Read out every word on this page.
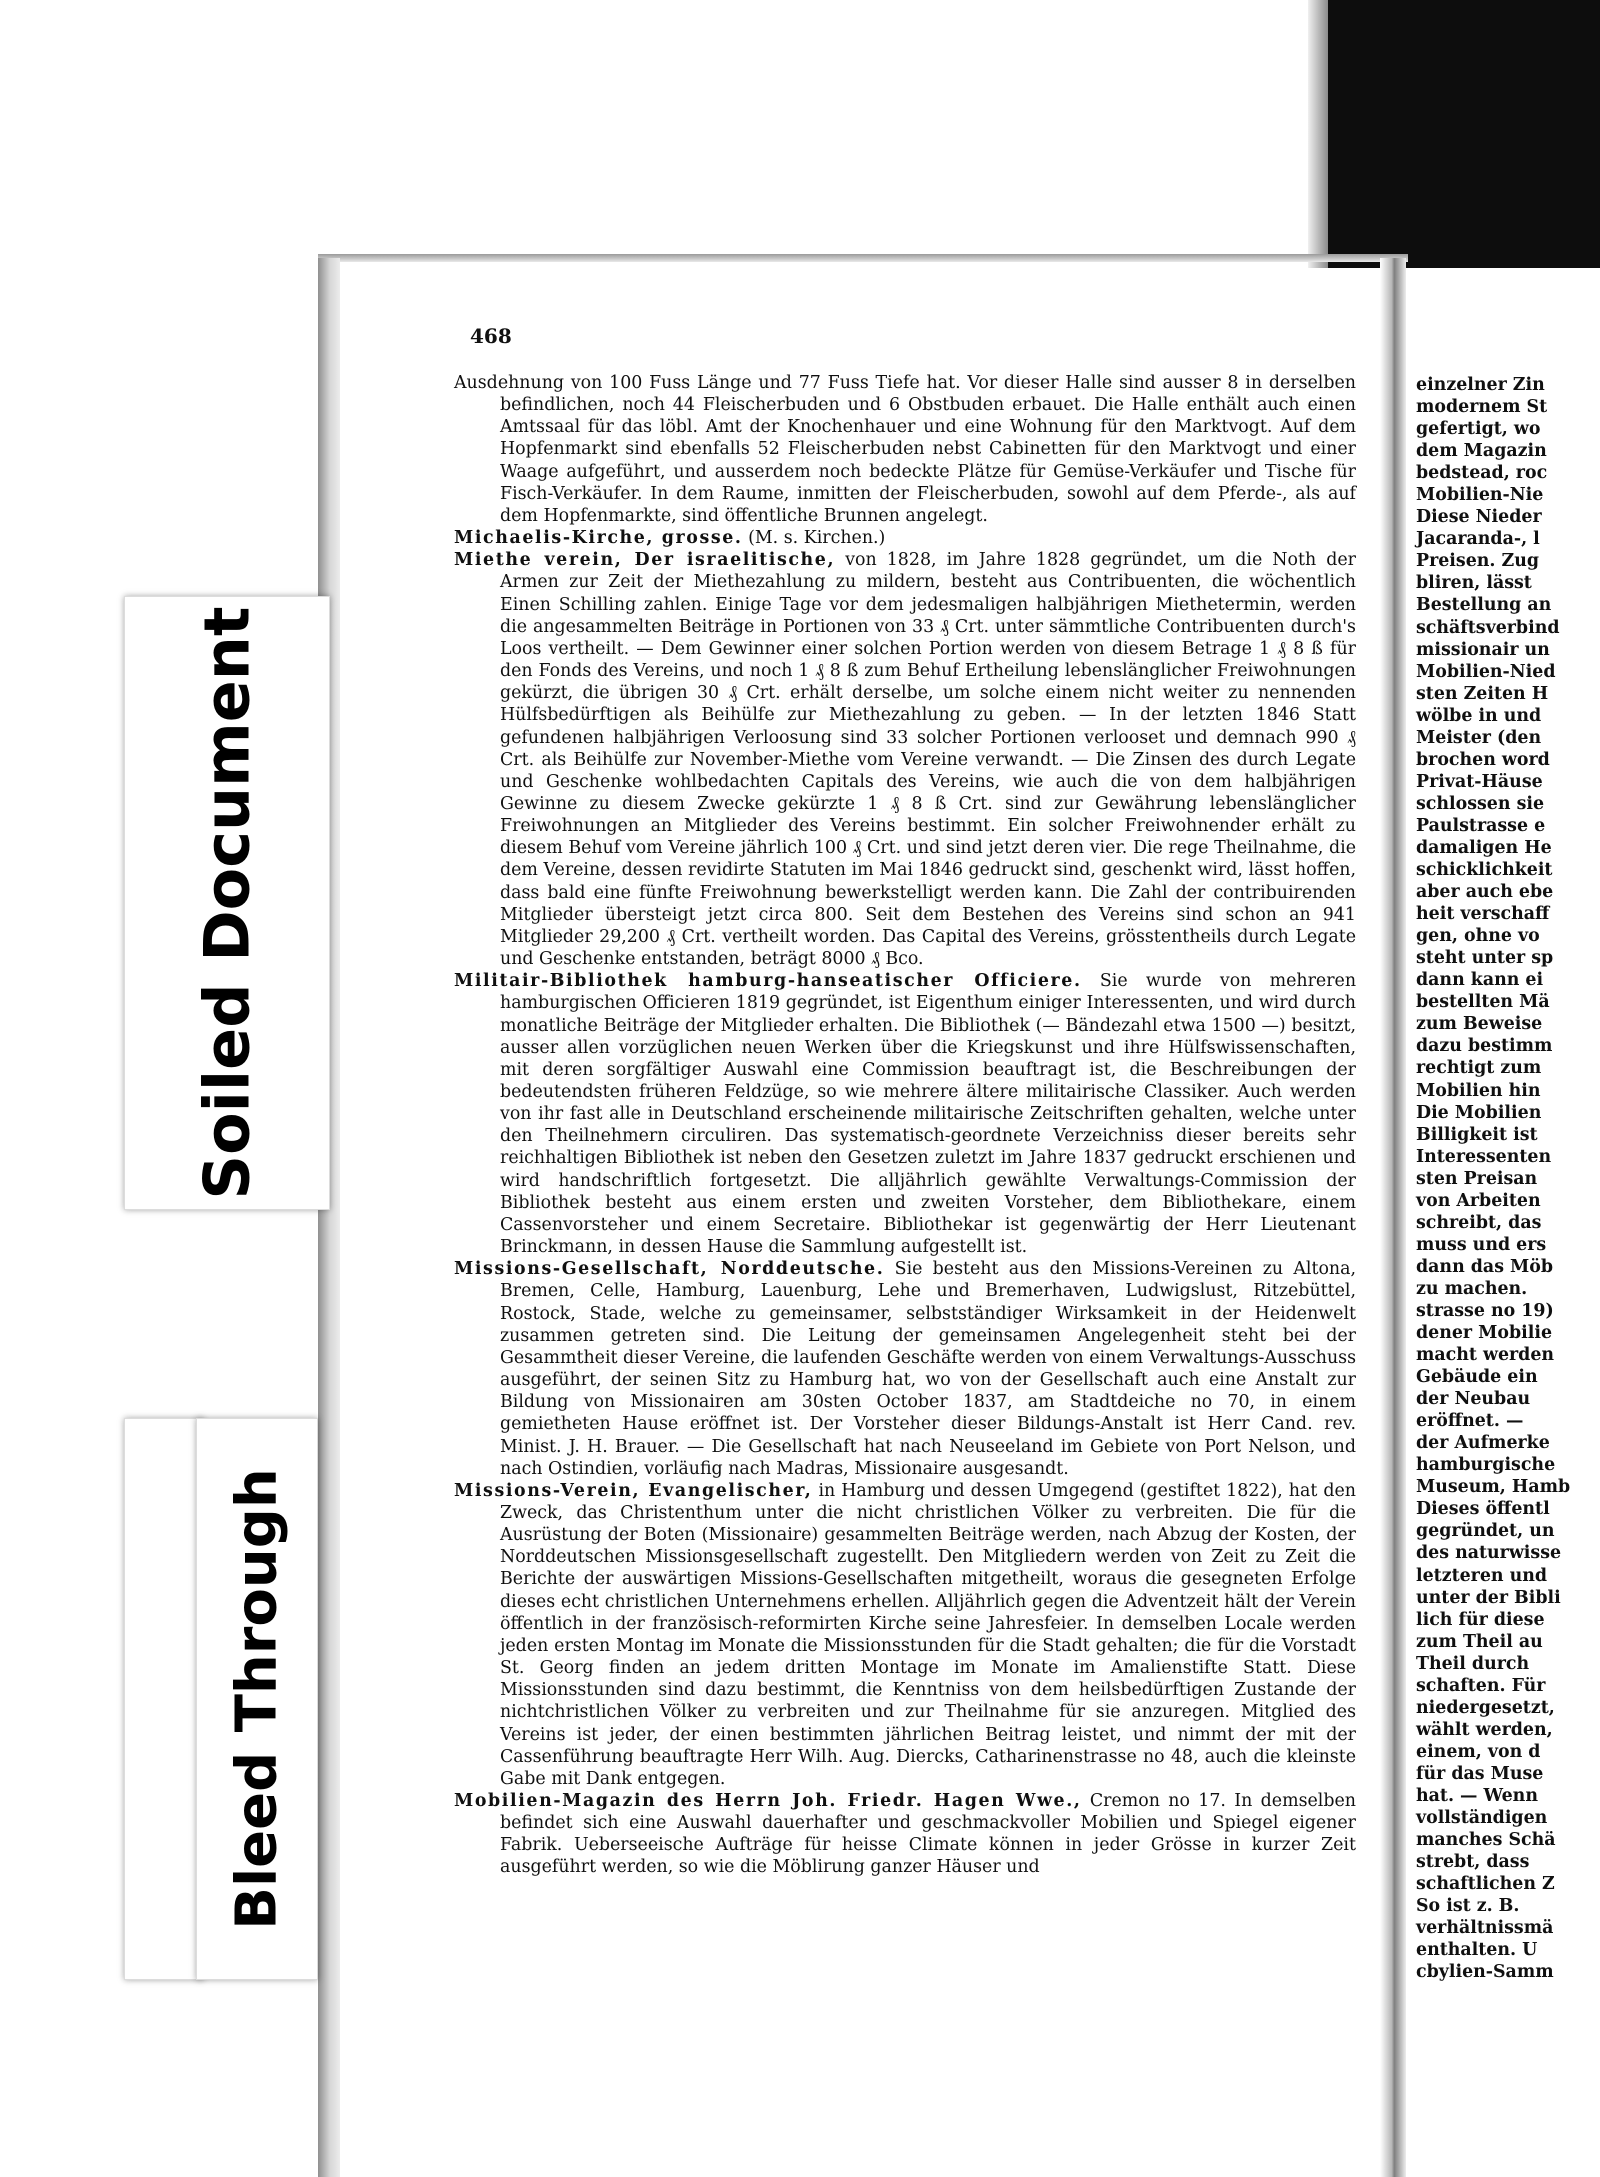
468

Ausdehnung von 100 Fuss Länge und 77 Fuss Tiefe hat. Vor dieser Halle sind ausser 8 in derselben befindlichen, noch 44 Fleischerbuden und 6 Obstbuden erbauet. Die Halle enthält auch einen Amtssaal für das löbl. Amt der Knochenhauer und eine Wohnung für den Marktvogt. Auf dem Hopfenmarkt sind ebenfalls 52 Fleischerbuden nebst Cabinetten für den Marktvogt und einer Waage aufgeführt, und ausserdem noch bedeckte Plätze für Gemüse-Verkäufer und Tische für Fisch-Verkäufer. In dem Raume, inmitten der Fleischerbuden, sowohl auf dem Pferde-, als auf dem Hopfenmarkte, sind öffentliche Brunnen angelegt.

Michaelis-Kirche, grosse. (M. s. Kirchen.)

Miethe verein, Der israelitische, von 1828, im Jahre 1828 gegründet, um die Noth der Armen zur Zeit der Miethezahlung zu mildern, besteht aus Contribuenten, die wöchentlich Einen Schilling zahlen. Einige Tage vor dem jedesmaligen halbjährigen Miethetermin, werden die angesammelten Beiträge in Portionen von 33 ₰ Crt. unter sämmtliche Contribuenten durch's Loos vertheilt. — Dem Gewinner einer solchen Portion werden von diesem Betrage 1 ₰ 8 ß für den Fonds des Vereins, und noch 1 ₰ 8 ß zum Behuf Ertheilung lebenslänglicher Freiwohnungen gekürzt, die übrigen 30 ₰ Crt. erhält derselbe, um solche einem nicht weiter zu nennenden Hülfsbedürftigen als Beihülfe zur Miethezahlung zu geben. — In der letzten 1846 Statt gefundenen halbjährigen Verloosung sind 33 solcher Portionen verlooset und demnach 990 ₰ Crt. als Beihülfe zur November-Miethe vom Vereine verwandt. — Die Zinsen des durch Legate und Geschenke wohlbedachten Capitals des Vereins, wie auch die von dem halbjährigen Gewinne zu diesem Zwecke gekürzte 1 ₰ 8 ß Crt. sind zur Gewährung lebenslänglicher Freiwohnungen an Mitglieder des Vereins bestimmt. Ein solcher Freiwohnender erhält zu diesem Behuf vom Vereine jährlich 100 ₰ Crt. und sind jetzt deren vier. Die rege Theilnahme, die dem Vereine, dessen revidirte Statuten im Mai 1846 gedruckt sind, geschenkt wird, lässt hoffen, dass bald eine fünfte Freiwohnung bewerkstelligt werden kann. Die Zahl der contribuirenden Mitglieder übersteigt jetzt circa 800. Seit dem Bestehen des Vereins sind schon an 941 Mitglieder 29,200 ₰ Crt. vertheilt worden. Das Capital des Vereins, grösstentheils durch Legate und Geschenke entstanden, beträgt 8000 ₰ Bco.

Militair-Bibliothek hamburg-hanseatischer Officiere. Sie wurde von mehreren hamburgischen Officieren 1819 gegründet, ist Eigenthum einiger Interessenten, und wird durch monatliche Beiträge der Mitglieder erhalten. Die Bibliothek (— Bändezahl etwa 1500 —) besitzt, ausser allen vorzüglichen neuen Werken über die Kriegskunst und ihre Hülfswissenschaften, mit deren sorgfältiger Auswahl eine Commission beauftragt ist, die Beschreibungen der bedeutendsten früheren Feldzüge, so wie mehrere ältere militairische Classiker. Auch werden von ihr fast alle in Deutschland erscheinende militairische Zeitschriften gehalten, welche unter den Theilnehmern circuliren. Das systematisch-geordnete Verzeichniss dieser bereits sehr reichhaltigen Bibliothek ist neben den Gesetzen zuletzt im Jahre 1837 gedruckt erschienen und wird handschriftlich fortgesetzt. Die alljährlich gewählte Verwaltungs-Commission der Bibliothek besteht aus einem ersten und zweiten Vorsteher, dem Bibliothekare, einem Cassenvorsteher und einem Secretaire. Bibliothekar ist gegenwärtig der Herr Lieutenant Brinckmann, in dessen Hause die Sammlung aufgestellt ist.

Missions-Gesellschaft, Norddeutsche. Sie besteht aus den Missions-Vereinen zu Altona, Bremen, Celle, Hamburg, Lauenburg, Lehe und Bremerhaven, Ludwigslust, Ritzebüttel, Rostock, Stade, welche zu gemeinsamer, selbstständiger Wirksamkeit in der Heidenwelt zusammen getreten sind. Die Leitung der gemeinsamen Angelegenheit steht bei der Gesammtheit dieser Vereine, die laufenden Geschäfte werden von einem Verwaltungs-Ausschuss ausgeführt, der seinen Sitz zu Hamburg hat, wo von der Gesellschaft auch eine Anstalt zur Bildung von Missionairen am 30sten October 1837, am Stadtdeiche no 70, in einem gemietheten Hause eröffnet ist. Der Vorsteher dieser Bildungs-Anstalt ist Herr Cand. rev. Minist. J. H. Brauer. — Die Gesellschaft hat nach Neuseeland im Gebiete von Port Nelson, und nach Ostindien, vorläufig nach Madras, Missionaire ausgesandt.

Missions-Verein, Evangelischer, in Hamburg und dessen Umgegend (gestiftet 1822), hat den Zweck, das Christenthum unter die nicht christlichen Völker zu verbreiten. Die für die Ausrüstung der Boten (Missionaire) gesammelten Beiträge werden, nach Abzug der Kosten, der Norddeutschen Missionsgesellschaft zugestellt. Den Mitgliedern werden von Zeit zu Zeit die Berichte der auswärtigen Missions-Gesellschaften mitgetheilt, woraus die gesegneten Erfolge dieses echt christlichen Unternehmens erhellen. Alljährlich gegen die Adventzeit hält der Verein öffentlich in der französisch-reformirten Kirche seine Jahresfeier. In demselben Locale werden jeden ersten Montag im Monate die Missionsstunden für die Stadt gehalten; die für die Vorstadt St. Georg finden an jedem dritten Montage im Monate im Amalienstifte Statt. Diese Missionsstunden sind dazu bestimmt, die Kenntniss von dem heilsbedürftigen Zustande der nichtchristlichen Völker zu verbreiten und zur Theilnahme für sie anzuregen. Mitglied des Vereins ist jeder, der einen bestimmten jährlichen Beitrag leistet, und nimmt der mit der Cassenführung beauftragte Herr Wilh. Aug. Diercks, Catharinenstrasse no 48, auch die kleinste Gabe mit Dank entgegen.

Mobilien-Magazin des Herrn Joh. Friedr. Hagen Wwe., Cremon no 17. In demselben befindet sich eine Auswahl dauerhafter und geschmackvoller Mobilien und Spiegel eigener Fabrik. Ueberseeische Aufträge für heisse Climate können in jeder Grösse in kurzer Zeit ausgeführt werden, so wie die Möblirung ganzer Häuser und

einzelner Zin
modernem St
gefertigt, wo
dem Magazin
bedstead, roc
Mobilien-Nie
Diese Nieder
Jacaranda-, l
Preisen. Zug
bliren, lässt
Bestellung an
schäftsverbind
missionair un
Mobilien-Nied
sten Zeiten H
wölbe in und
Meister (den
brochen word
Privat-Häuse
schlossen sie
Paulstrasse e
damaligen He
schicklichkeit
aber auch ebe
heit verschaff
gen, ohne vo
steht unter sp
dann kann ei
bestellten Mä
zum Beweise
dazu bestimm
rechtigt zum
Mobilien hin
Die Mobilien
Billigkeit ist
Interessenten
sten Preisan
von Arbeiten
schreibt, das
muss und ers
dann das Möb
zu machen.
strasse no 19)
dener Mobilie
macht werden
Gebäude ein
der Neubau
eröffnet. —
der Aufmerke
hamburgische
Museum, Hamb
Dieses öffentl
gegründet, un
des naturwisse
letzteren und
unter der Bibli
lich für diese
zum Theil au
Theil durch
schaften. Für
niedergesetzt,
wählt werden,
einem, von d
für das Muse
hat. — Wenn
vollständigen
manches Schä
strebt, dass
schaftlichen Z
So ist z. B.
verhältnissmä
enthalten. U
cbylien-Samm
Soiled Document
Bleed Through
